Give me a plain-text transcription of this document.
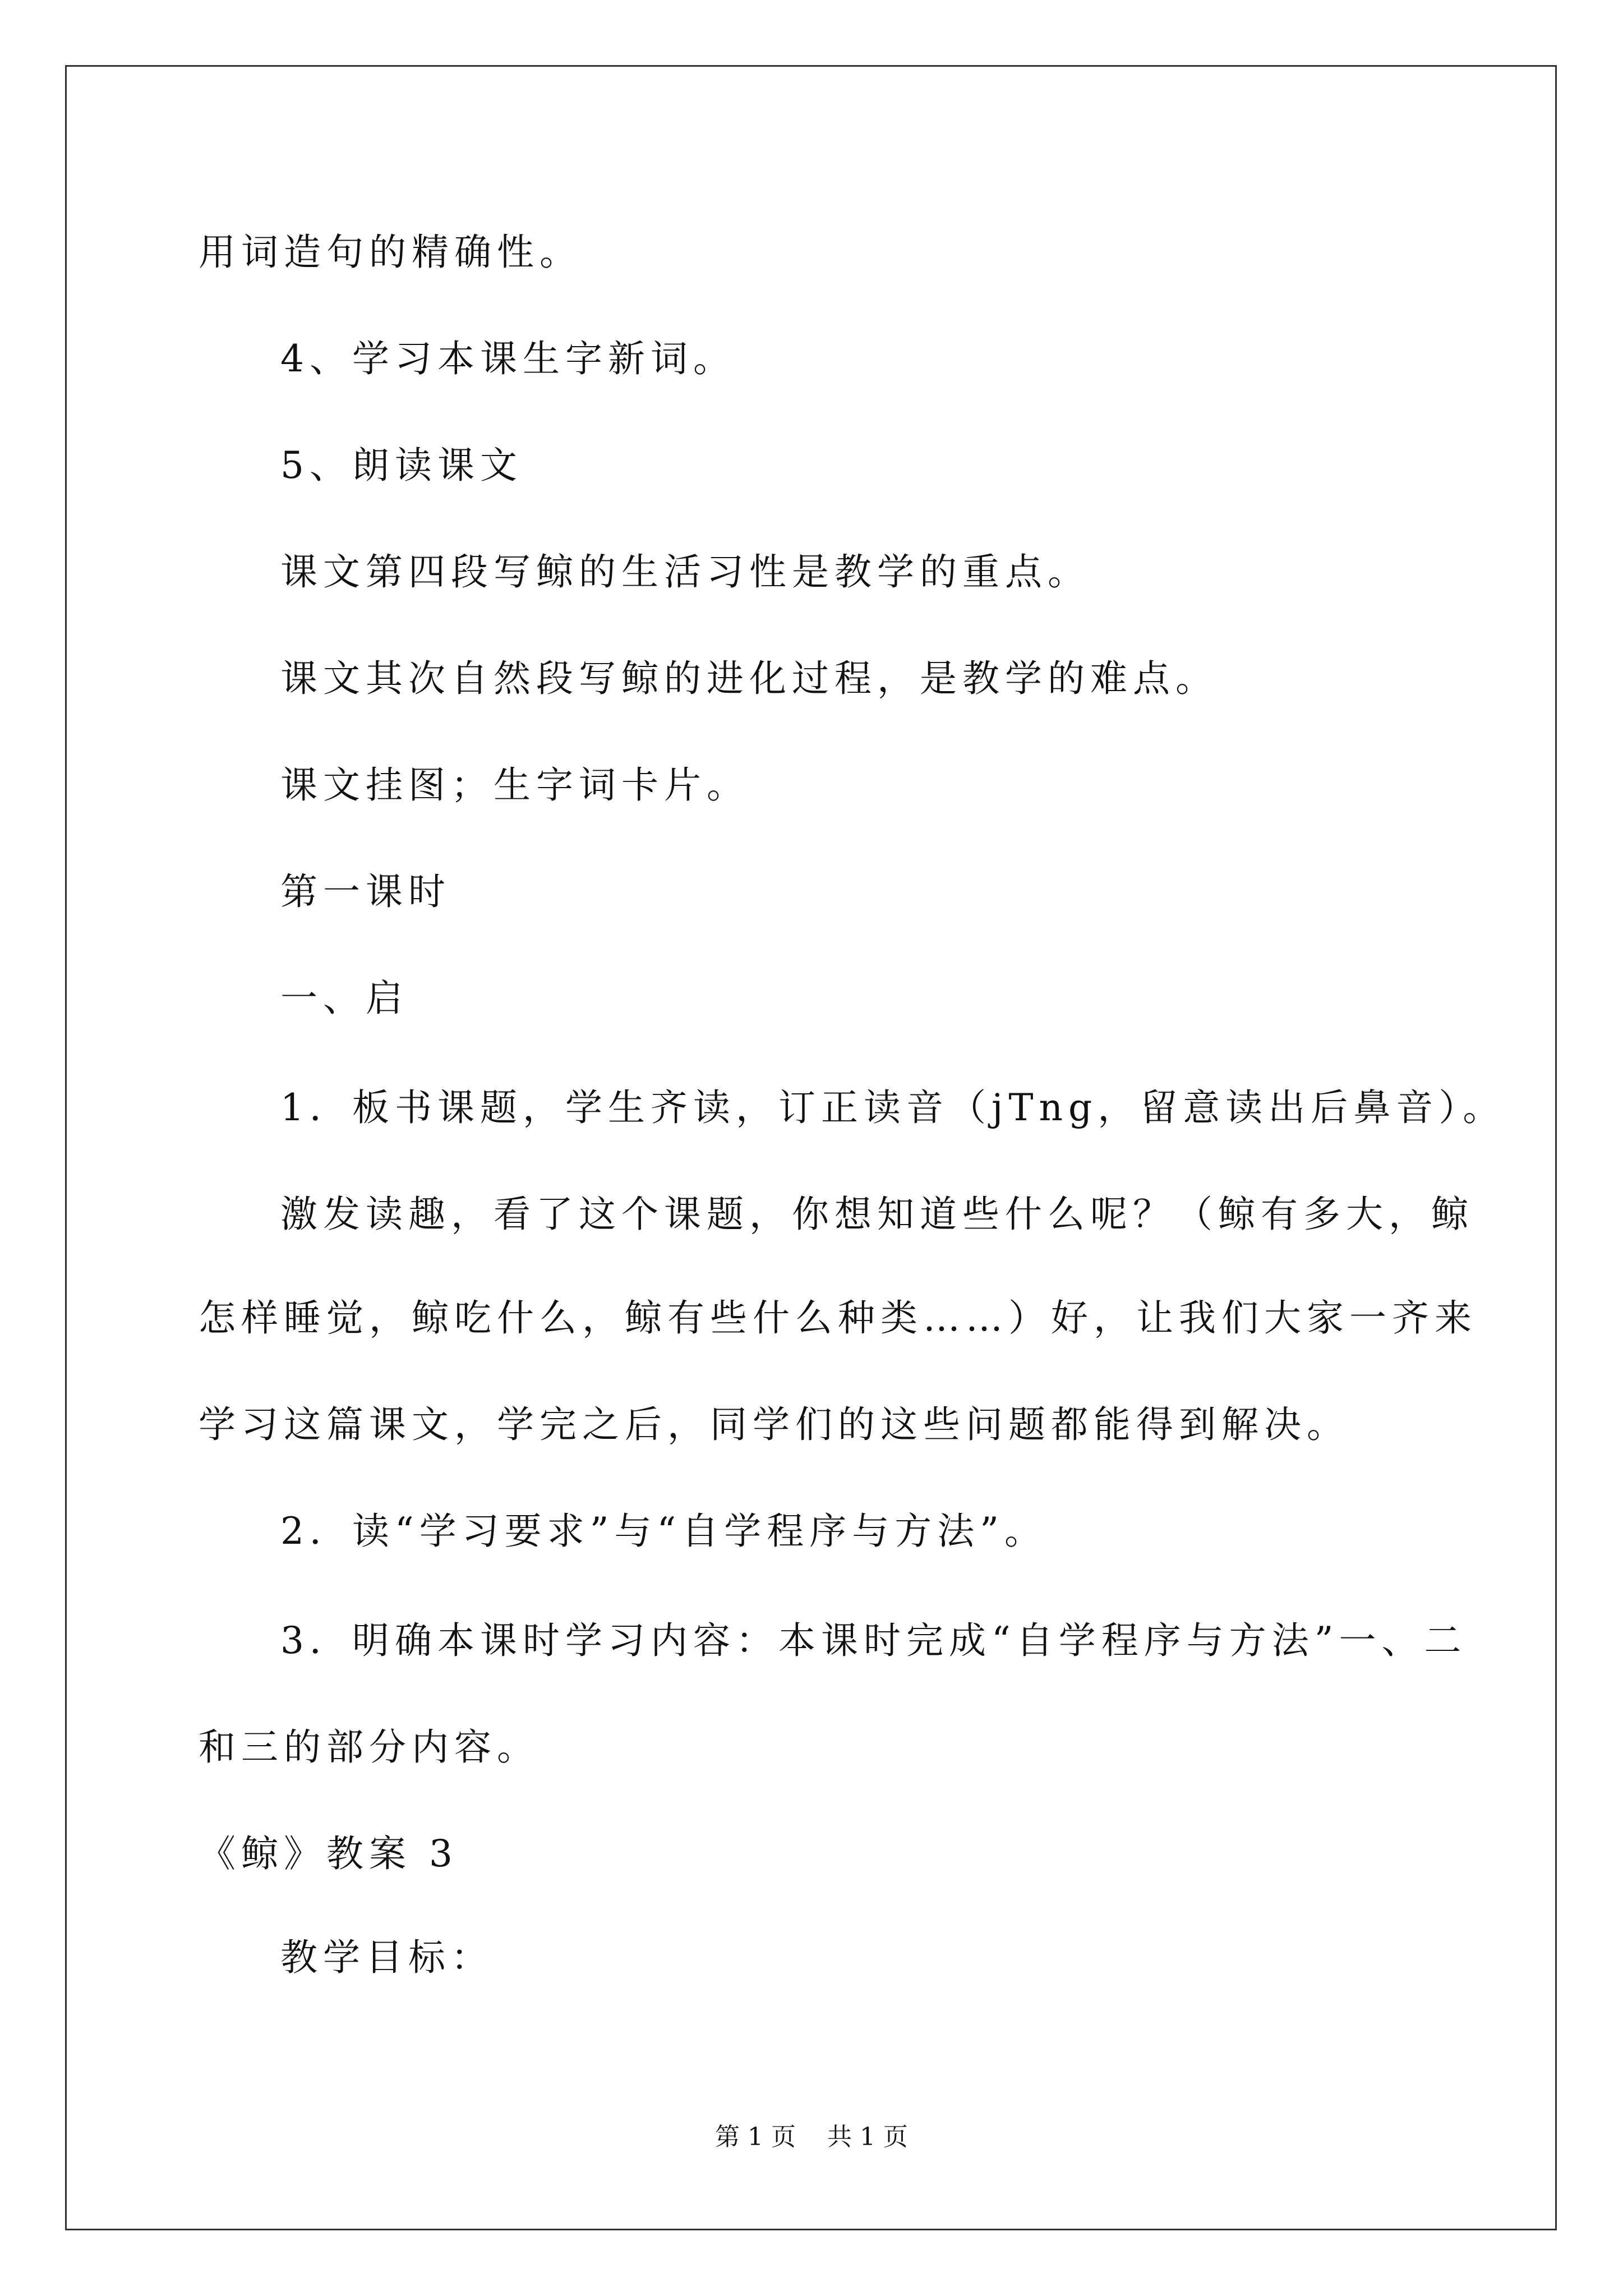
用词造句的精确性。
4、学习本课生字新词。
5、朗读课文
课文第四段写鲸的生活习性是教学的重点。
课文其次自然段写鲸的进化过程，是教学的难点。
课文挂图；生字词卡片。
第一课时
一、启
1．板书课题，学生齐读，订正读音（jTng，留意读出后鼻音）。
激发读趣，看了这个课题，你想知道些什么呢？（鲸有多大，鲸
怎样睡觉，鲸吃什么，鲸有些什么种类……）好，让我们大家一齐来
学习这篇课文，学完之后，同学们的这些问题都能得到解决。
2．读“学习要求”与“自学程序与方法”。
3．明确本课时学习内容：本课时完成“自学程序与方法”一、二
和三的部分内容。
《鲸》教案 3
教学目标：
第 1 页    共 1 页
